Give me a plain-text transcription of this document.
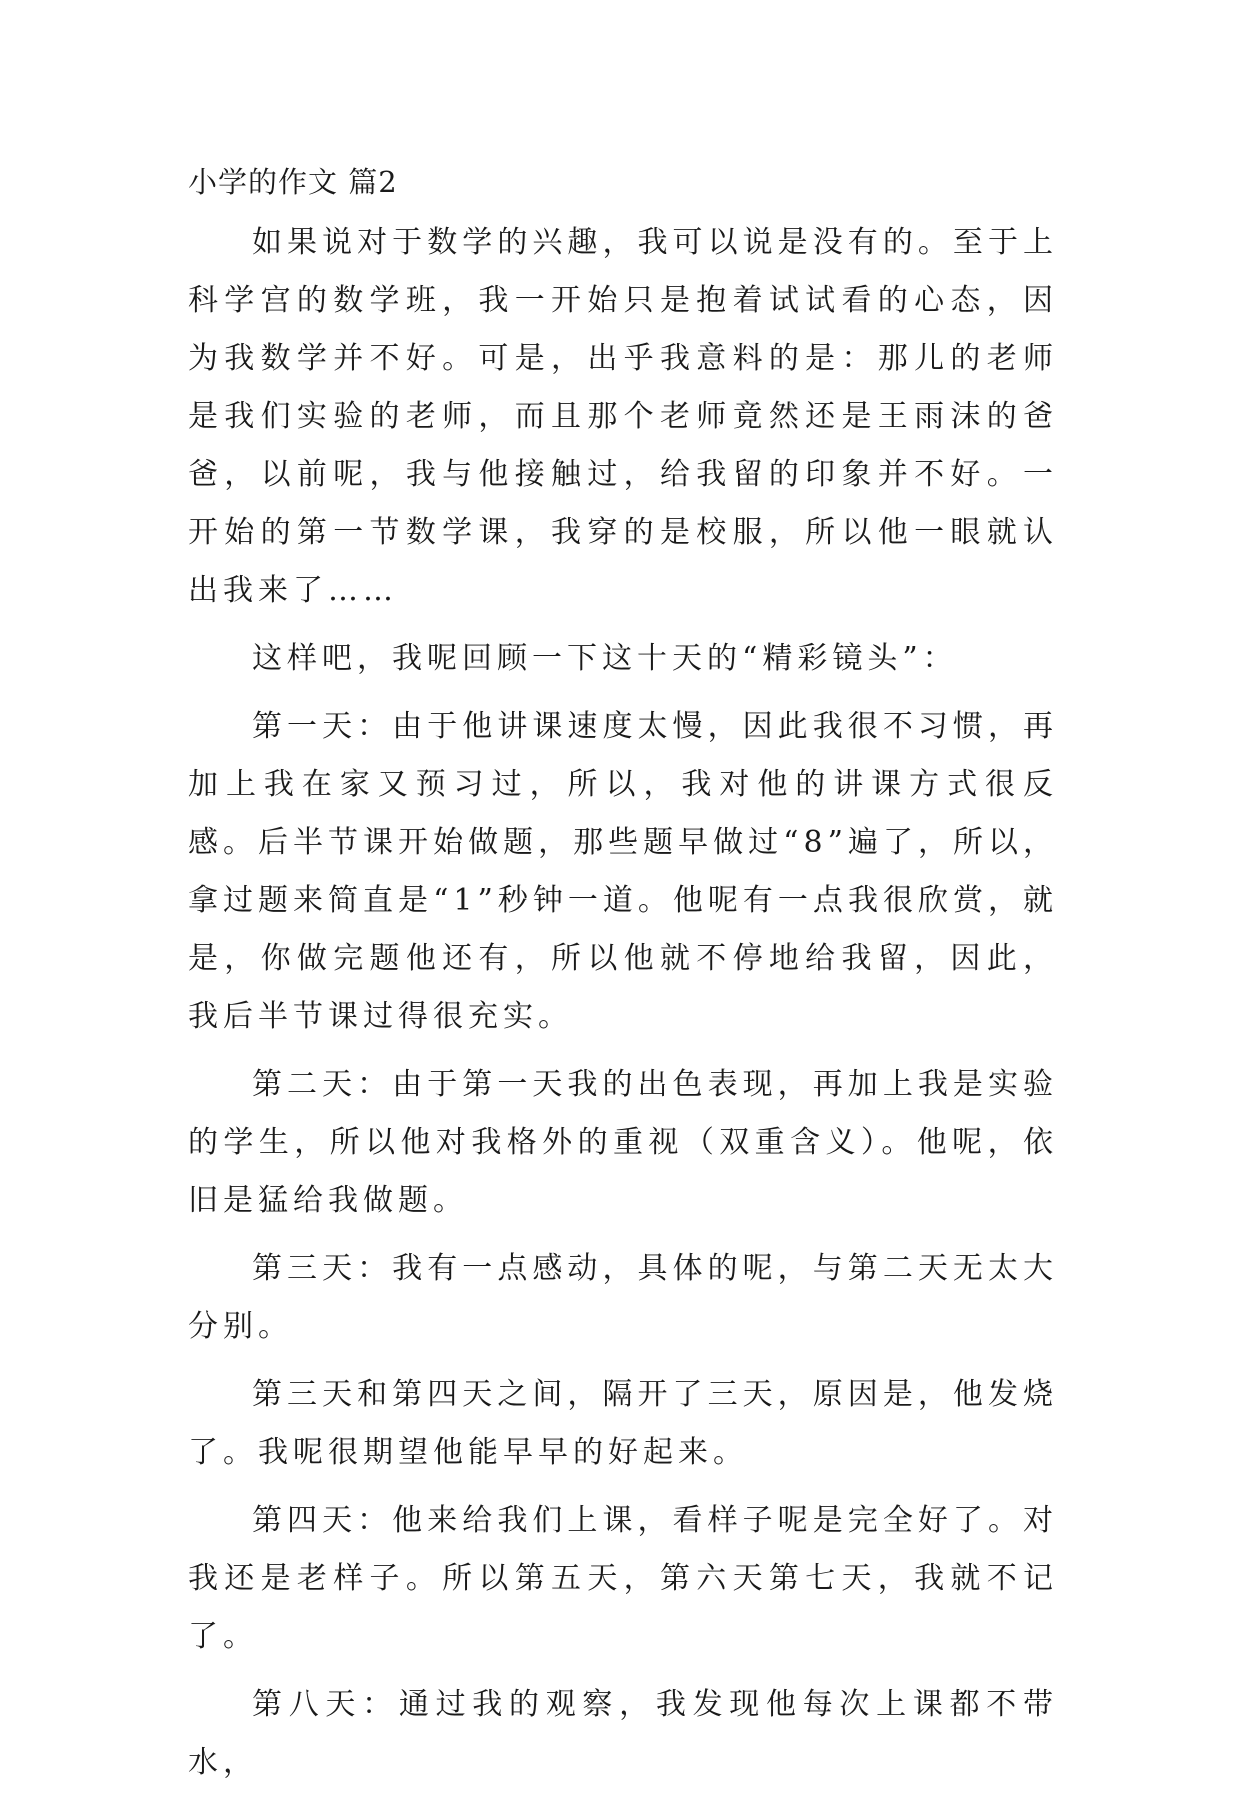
小学的作文 篇2

如果说对于数学的兴趣，我可以说是没有的。至于上科学宫的数学班，我一开始只是抱着试试看的心态，因为我数学并不好。可是，出乎我意料的是：那儿的老师是我们实验的老师，而且那个老师竟然还是王雨沫的爸爸，以前呢，我与他接触过，给我留的印象并不好。一开始的第一节数学课，我穿的是校服，所以他一眼就认出我来了……

这样吧，我呢回顾一下这十天的“精彩镜头”：

第一天：由于他讲课速度太慢，因此我很不习惯，再加上我在家又预习过，所以，我对他的讲课方式很反感。后半节课开始做题，那些题早做过“8”遍了，所以，拿过题来简直是“1”秒钟一道。他呢有一点我很欣赏，就是，你做完题他还有，所以他就不停地给我留，因此，我后半节课过得很充实。

第二天：由于第一天我的出色表现，再加上我是实验的学生，所以他对我格外的重视（双重含义）。他呢，依旧是猛给我做题。

第三天：我有一点感动，具体的呢，与第二天无太大分别。

第三天和第四天之间，隔开了三天，原因是，他发烧了。我呢很期望他能早早的好起来。

第四天：他来给我们上课，看样子呢是完全好了。对我还是老样子。所以第五天，第六天第七天，我就不记了。

第八天：通过我的观察，我发现他每次上课都不带水，
